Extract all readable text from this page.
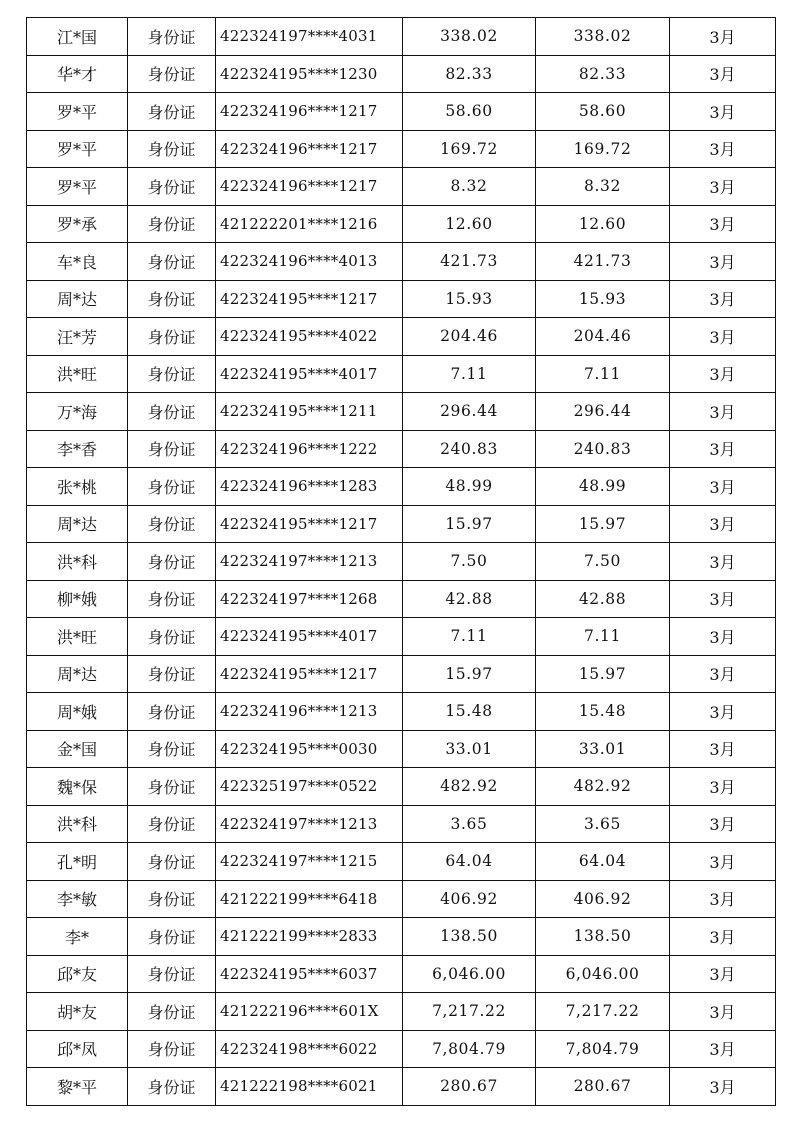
江*国	身份证	422324197****4031	338.02	338.02	3月
华*才	身份证	422324195****1230	82.33	82.33	3月
罗*平	身份证	422324196****1217	58.60	58.60	3月
罗*平	身份证	422324196****1217	169.72	169.72	3月
罗*平	身份证	422324196****1217	8.32	8.32	3月
罗*承	身份证	421222201****1216	12.60	12.60	3月
车*良	身份证	422324196****4013	421.73	421.73	3月
周*达	身份证	422324195****1217	15.93	15.93	3月
汪*芳	身份证	422324195****4022	204.46	204.46	3月
洪*旺	身份证	422324195****4017	7.11	7.11	3月
万*海	身份证	422324195****1211	296.44	296.44	3月
李*香	身份证	422324196****1222	240.83	240.83	3月
张*桃	身份证	422324196****1283	48.99	48.99	3月
周*达	身份证	422324195****1217	15.97	15.97	3月
洪*科	身份证	422324197****1213	7.50	7.50	3月
柳*娥	身份证	422324197****1268	42.88	42.88	3月
洪*旺	身份证	422324195****4017	7.11	7.11	3月
周*达	身份证	422324195****1217	15.97	15.97	3月
周*娥	身份证	422324196****1213	15.48	15.48	3月
金*国	身份证	422324195****0030	33.01	33.01	3月
魏*保	身份证	422325197****0522	482.92	482.92	3月
洪*科	身份证	422324197****1213	3.65	3.65	3月
孔*明	身份证	422324197****1215	64.04	64.04	3月
李*敏	身份证	421222199****6418	406.92	406.92	3月
李*	身份证	421222199****2833	138.50	138.50	3月
邱*友	身份证	422324195****6037	6,046.00	6,046.00	3月
胡*友	身份证	421222196****601X	7,217.22	7,217.22	3月
邱*凤	身份证	422324198****6022	7,804.79	7,804.79	3月
黎*平	身份证	421222198****6021	280.67	280.67	3月
